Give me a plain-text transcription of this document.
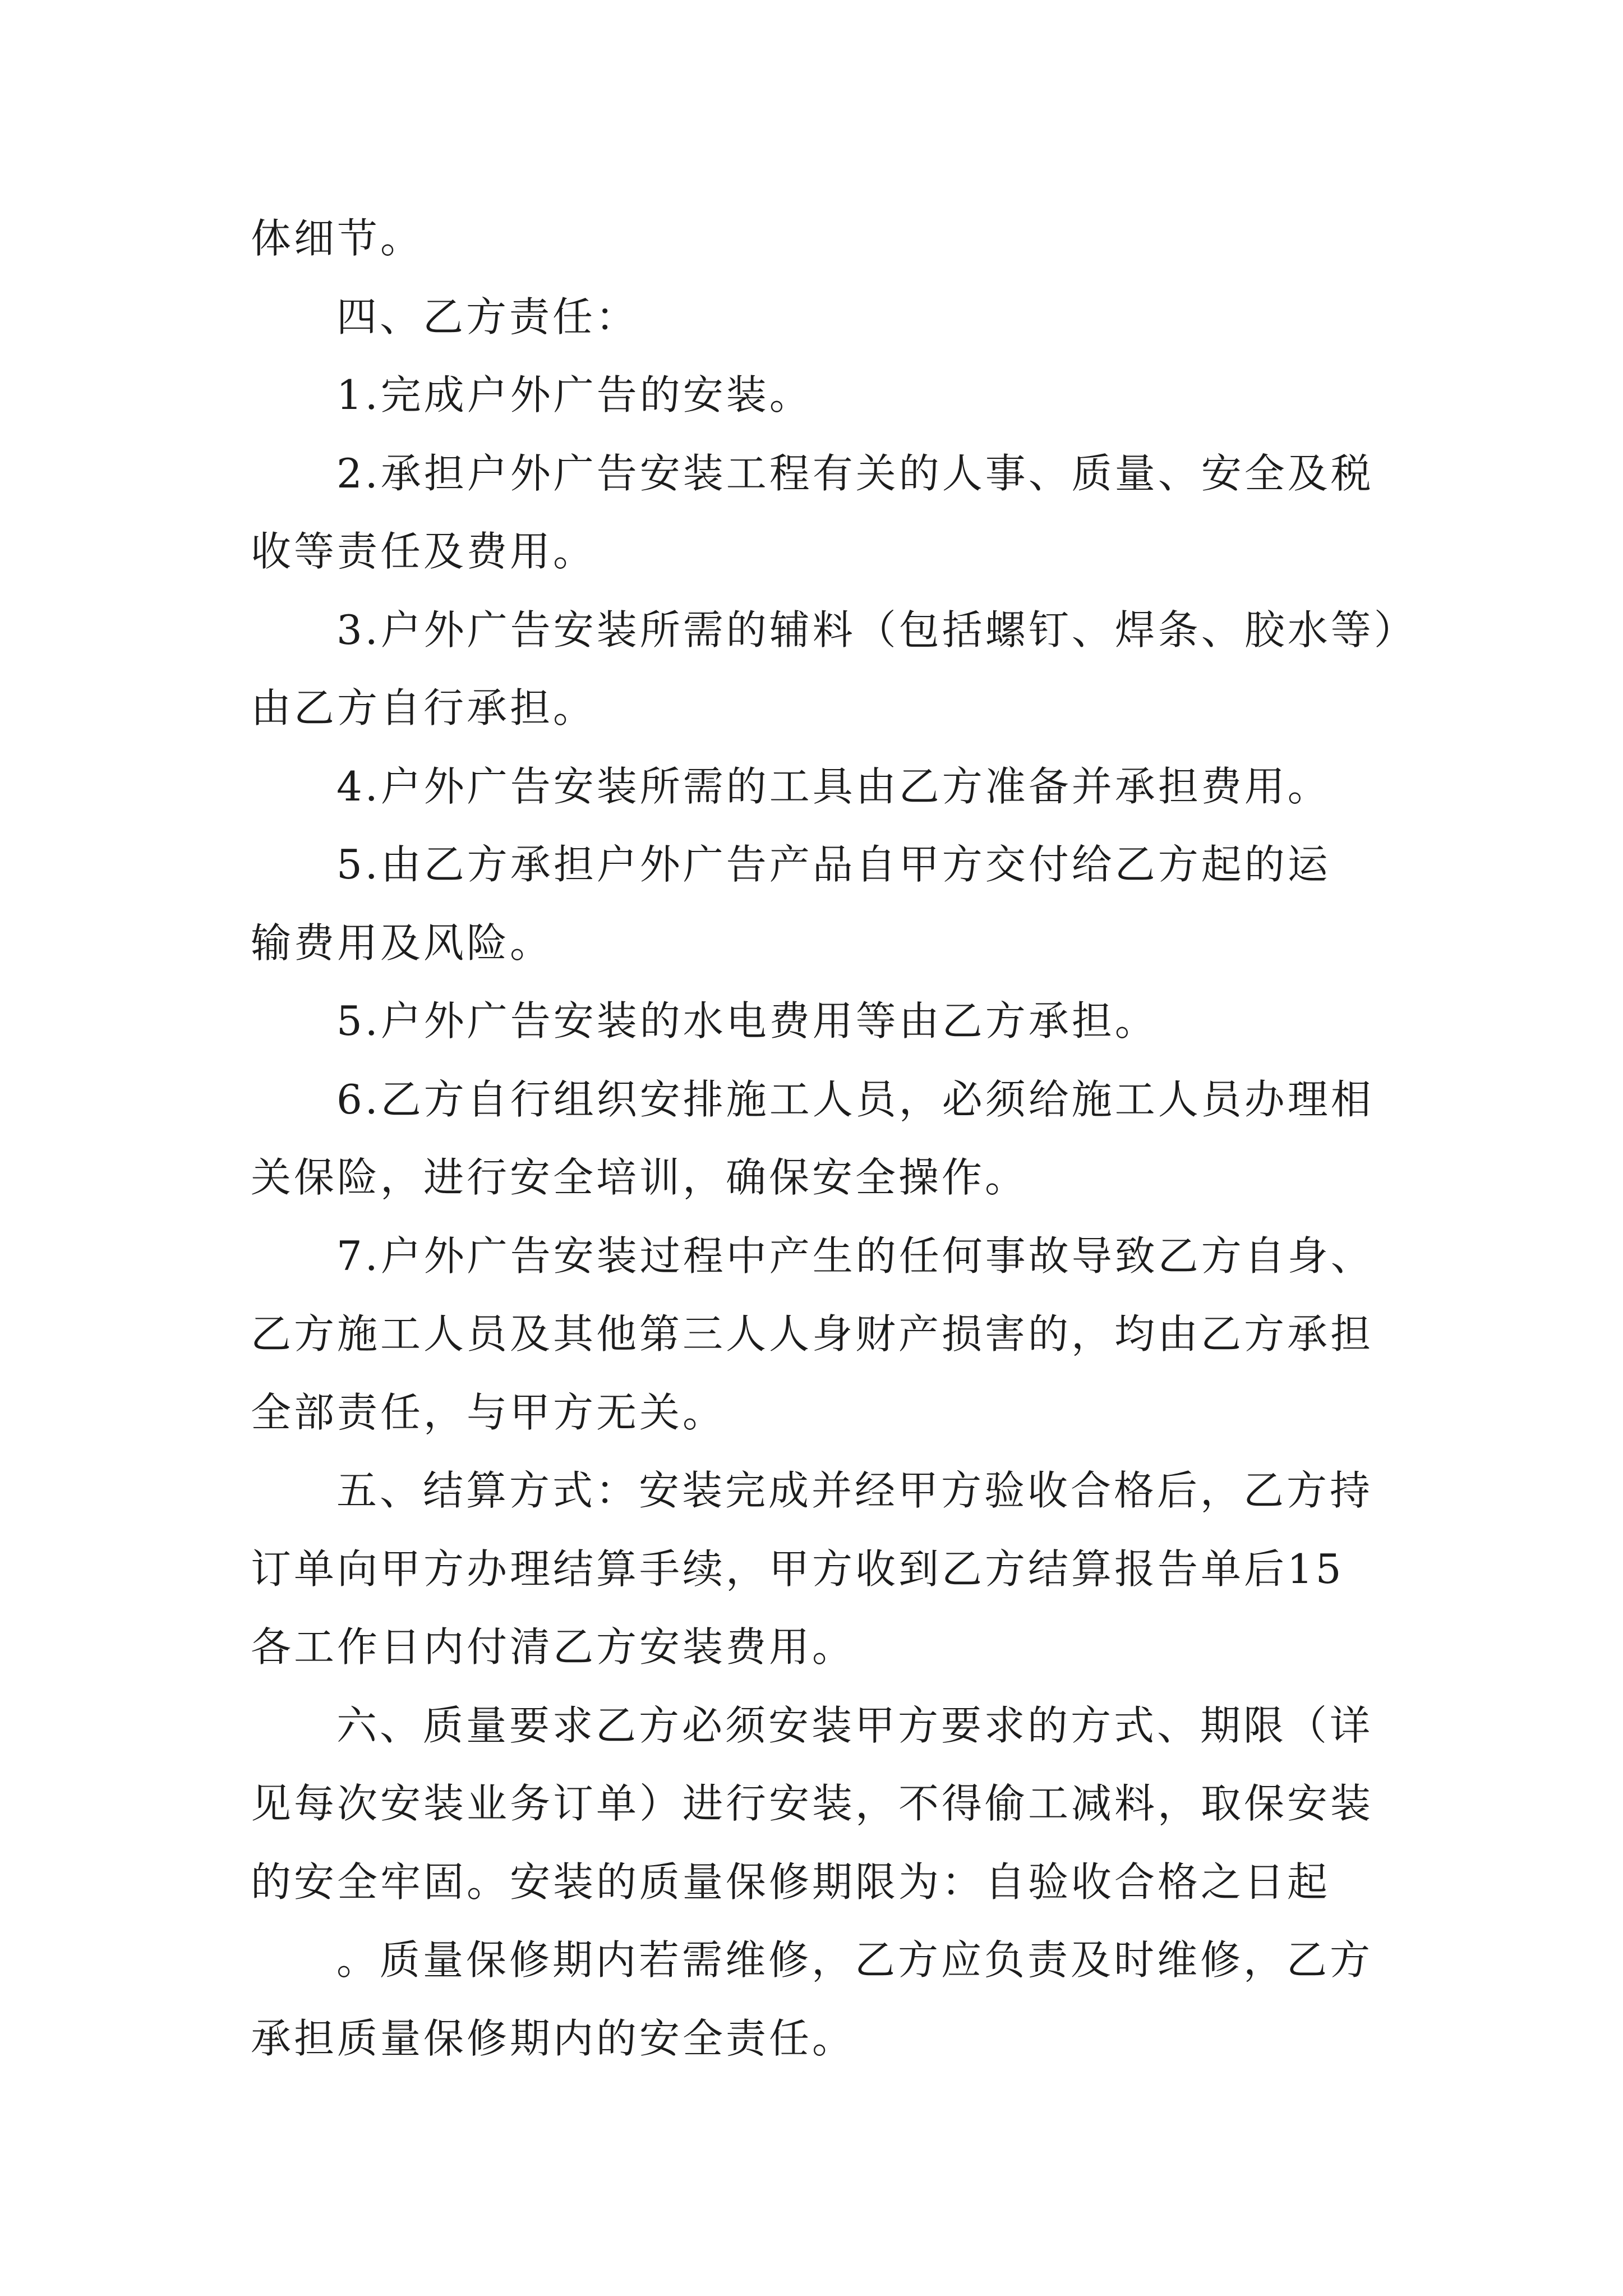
体细节。
四、乙方责任：
1.完成户外广告的安装。
2.承担户外广告安装工程有关的人事、质量、安全及税
收等责任及费用。
3.户外广告安装所需的辅料（包括螺钉、焊条、胶水等）
由乙方自行承担。
4.户外广告安装所需的工具由乙方准备并承担费用。
5.由乙方承担户外广告产品自甲方交付给乙方起的运
输费用及风险。
5.户外广告安装的水电费用等由乙方承担。
6.乙方自行组织安排施工人员，必须给施工人员办理相
关保险，进行安全培训，确保安全操作。
7.户外广告安装过程中产生的任何事故导致乙方自身、
乙方施工人员及其他第三人人身财产损害的，均由乙方承担
全部责任，与甲方无关。
五、结算方式：安装完成并经甲方验收合格后，乙方持
订单向甲方办理结算手续，甲方收到乙方结算报告单后15
各工作日内付清乙方安装费用。
六、质量要求乙方必须安装甲方要求的方式、期限（详
见每次安装业务订单）进行安装，不得偷工减料，取保安装
的安全牢固。安装的质量保修期限为：自验收合格之日起
。质量保修期内若需维修，乙方应负责及时维修，乙方
承担质量保修期内的安全责任。
